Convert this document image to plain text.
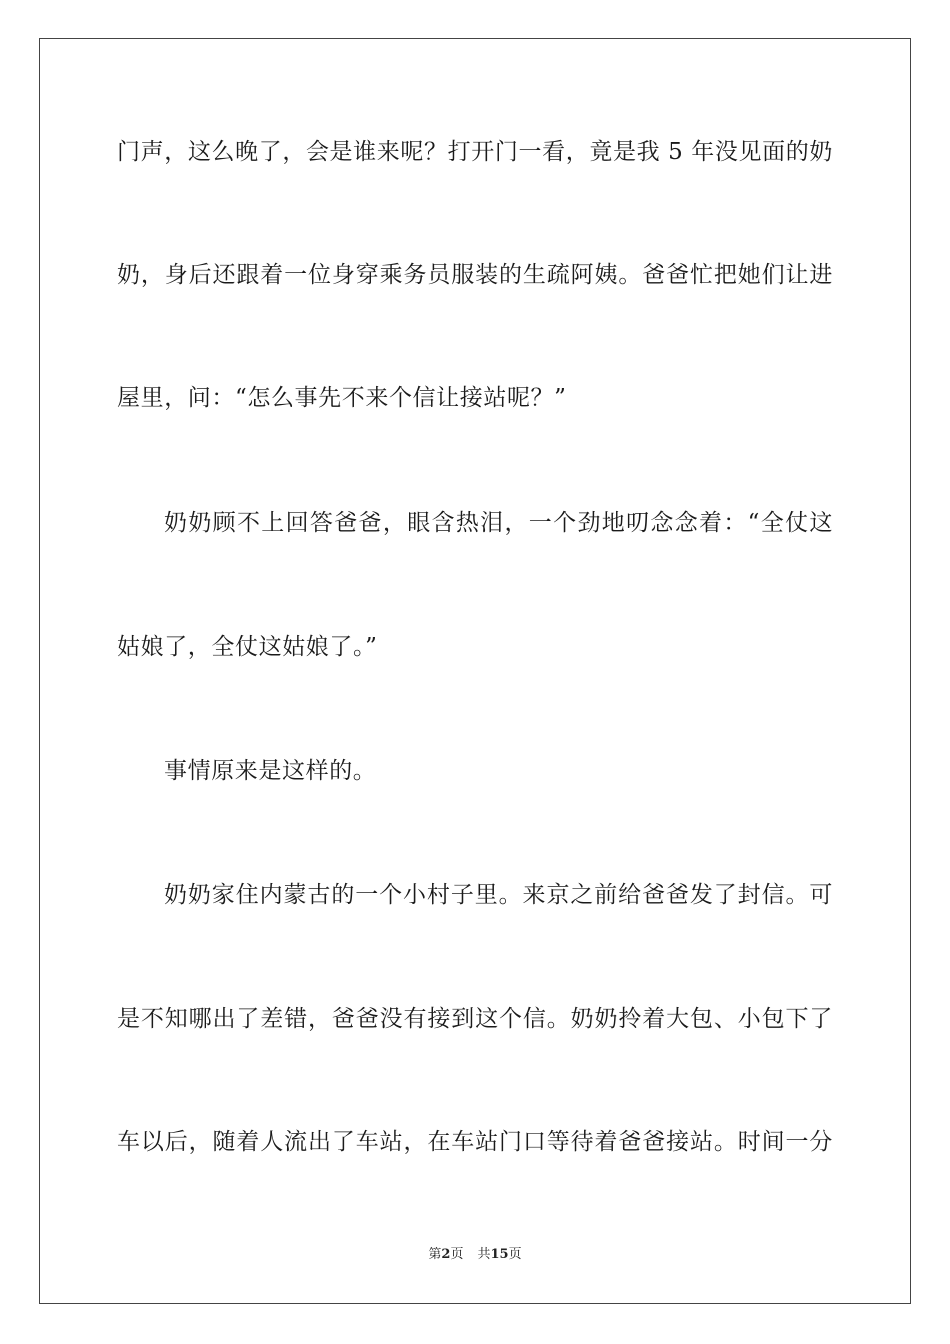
门声，这么晚了，会是谁来呢？打开门一看，竟是我 5 年没见面的奶
奶，身后还跟着一位身穿乘务员服装的生疏阿姨。爸爸忙把她们让进
屋里，问：“怎么事先不来个信让接站呢？”
奶奶顾不上回答爸爸，眼含热泪，一个劲地叨念念着：“全仗这
姑娘了，全仗这姑娘了。”
事情原来是这样的。
奶奶家住内蒙古的一个小村子里。来京之前给爸爸发了封信。可
是不知哪出了差错，爸爸没有接到这个信。奶奶拎着大包、小包下了
车以后，随着人流出了车站，在车站门口等待着爸爸接站。时间一分
第2页 共15页
